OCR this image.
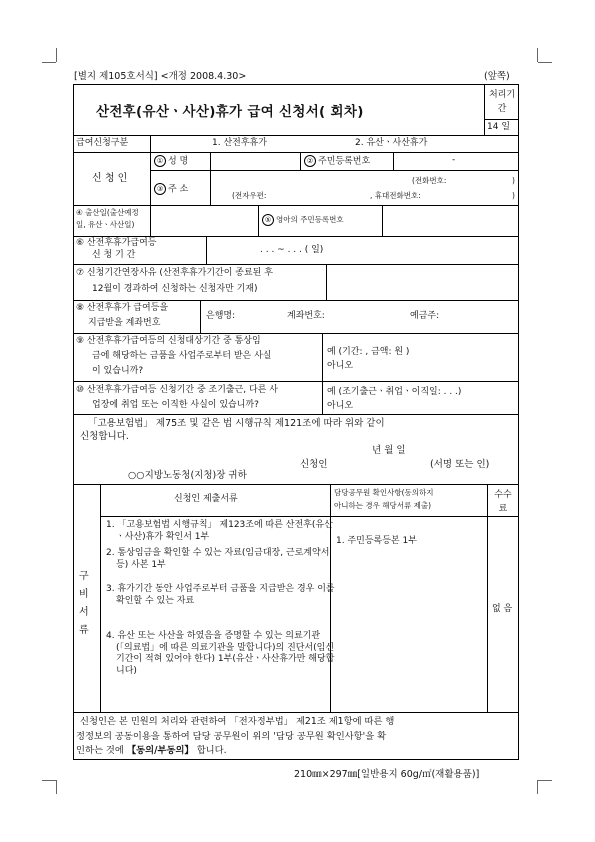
[별지 제105호서식] <개정 2008.4.30>	(앞쪽)
산전후(유산ㆍ사산)휴가 급여 신청서( 회차)
처리기간
14 일
급여신청구분	1. 산전후휴가	2. 유산ㆍ사산휴가
신 청 인
① 성 명	② 주민등록번호	-
③ 주 소
(전화번호:	)
(전자우편:	, 휴대전화번호:	)
④ 출산일(출산예정
일, 유산ㆍ사산일)	⑤ 영아의 주민등록번호
⑥ 산전후휴가급여등
신 청 기 간	. . . ~ . . . ( 일)
⑦ 신청기간연장사유 (산전후휴가기간이 종료된 후
12월이 경과하여 신청하는 신청자만 기재)
⑧ 산전후휴가 급여등을
지급받을 계좌번호
은행명:	계좌번호:	예금주:
⑨ 산전후휴가급여등의 신청대상기간 중 통상임
금에 해당하는 금품을 사업주로부터 받은 사실
이 있습니까?
예 (기간: , 금액: 원 )
아니오
⑩ 산전후휴가급여등 신청기간 중 조기출근, 다른 사
업장에 취업 또는 이직한 사실이 있습니까?
예 (조기출근ㆍ취업ㆍ이직일: . . .)
아니오
「고용보험법」 제75조 및 같은 법 시행규칙 제121조에 따라 위와 같이
신청합니다.
년 월 일
신청인	(서명 또는 인)
○○지방노동청(지청)장 귀하
구비서류
신청인 제출서류
담당공무원 확인사항(동의하지
아니하는 경우 해당서류 제출)
수수료
1. 「고용보험법 시행규칙」 제123조에 따른 산전후(유산ㆍ사산)휴가 확인서 1부
2. 통상임금을 확인할 수 있는 자료(임금대장, 근로계약서 등) 사본 1부
3. 휴가기간 동안 사업주로부터 금품을 지급받은 경우 이를 확인할 수 있는 자료
4. 유산 또는 사산을 하였음을 증명할 수 있는 의료기관(「의료법」에 따른 의료기관을 말합니다)의 진단서(임신기간이 적혀 있어야 한다) 1부(유산ㆍ사산휴가만 해당합니다)
1. 주민등록등본 1부
없 음
신청인은 본 민원의 처리와 관련하여 「전자정부법」 제21조 제1항에 따른 행
정정보의 공동이용을 통하여 담당 공무원이 위의 '담당 공무원 확인사항'을 확
인하는 것에 【동의/부동의】 합니다.
210㎜×297㎜[일반용지 60g/㎡(재활용품)]
